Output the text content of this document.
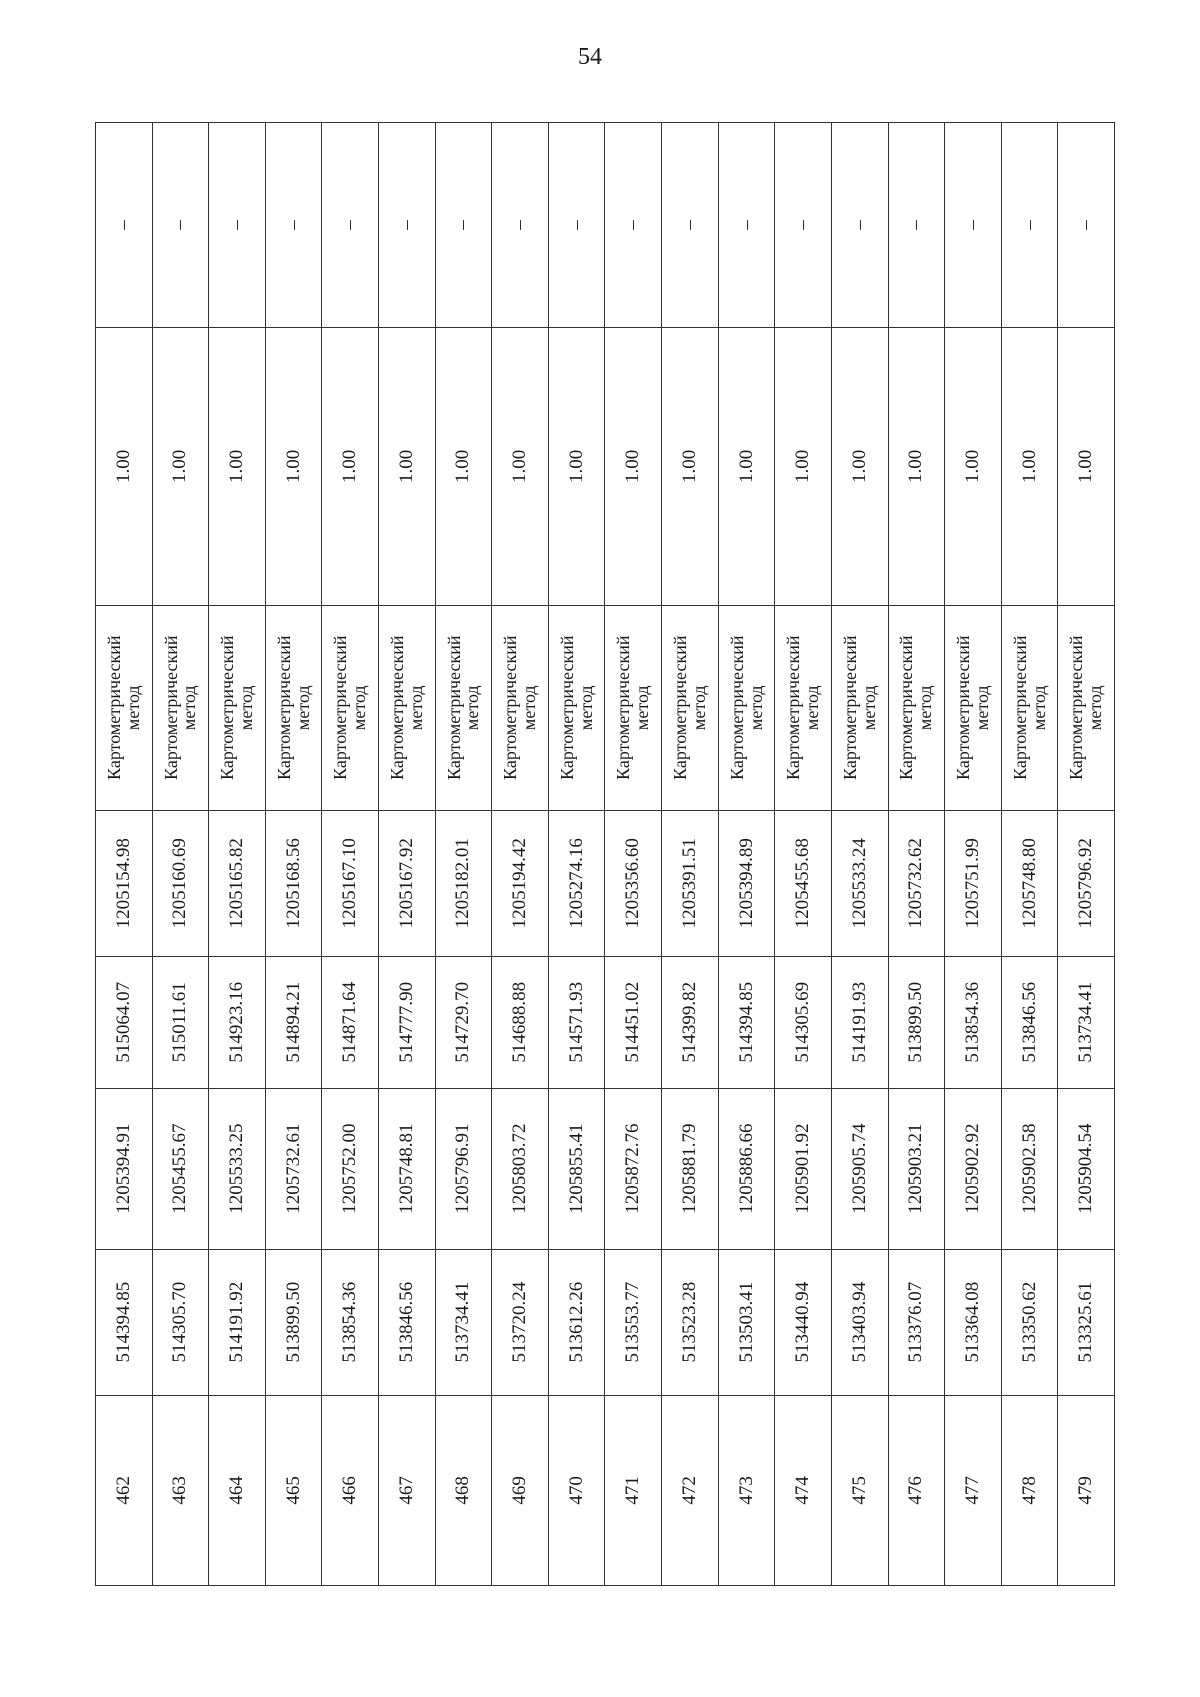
54
462	514394.85	1205394.91	515064.07	1205154.98	Картометрический
метод	1.00	–
463	514305.70	1205455.67	515011.61	1205160.69	Картометрический
метод	1.00	–
464	514191.92	1205533.25	514923.16	1205165.82	Картометрический
метод	1.00	–
465	513899.50	1205732.61	514894.21	1205168.56	Картометрический
метод	1.00	–
466	513854.36	1205752.00	514871.64	1205167.10	Картометрический
метод	1.00	–
467	513846.56	1205748.81	514777.90	1205167.92	Картометрический
метод	1.00	–
468	513734.41	1205796.91	514729.70	1205182.01	Картометрический
метод	1.00	–
469	513720.24	1205803.72	514688.88	1205194.42	Картометрический
метод	1.00	–
470	513612.26	1205855.41	514571.93	1205274.16	Картометрический
метод	1.00	–
471	513553.77	1205872.76	514451.02	1205356.60	Картометрический
метод	1.00	–
472	513523.28	1205881.79	514399.82	1205391.51	Картометрический
метод	1.00	–
473	513503.41	1205886.66	514394.85	1205394.89	Картометрический
метод	1.00	–
474	513440.94	1205901.92	514305.69	1205455.68	Картометрический
метод	1.00	–
475	513403.94	1205905.74	514191.93	1205533.24	Картометрический
метод	1.00	–
476	513376.07	1205903.21	513899.50	1205732.62	Картометрический
метод	1.00	–
477	513364.08	1205902.92	513854.36	1205751.99	Картометрический
метод	1.00	–
478	513350.62	1205902.58	513846.56	1205748.80	Картометрический
метод	1.00	–
479	513325.61	1205904.54	513734.41	1205796.92	Картометрический
метод	1.00	–
